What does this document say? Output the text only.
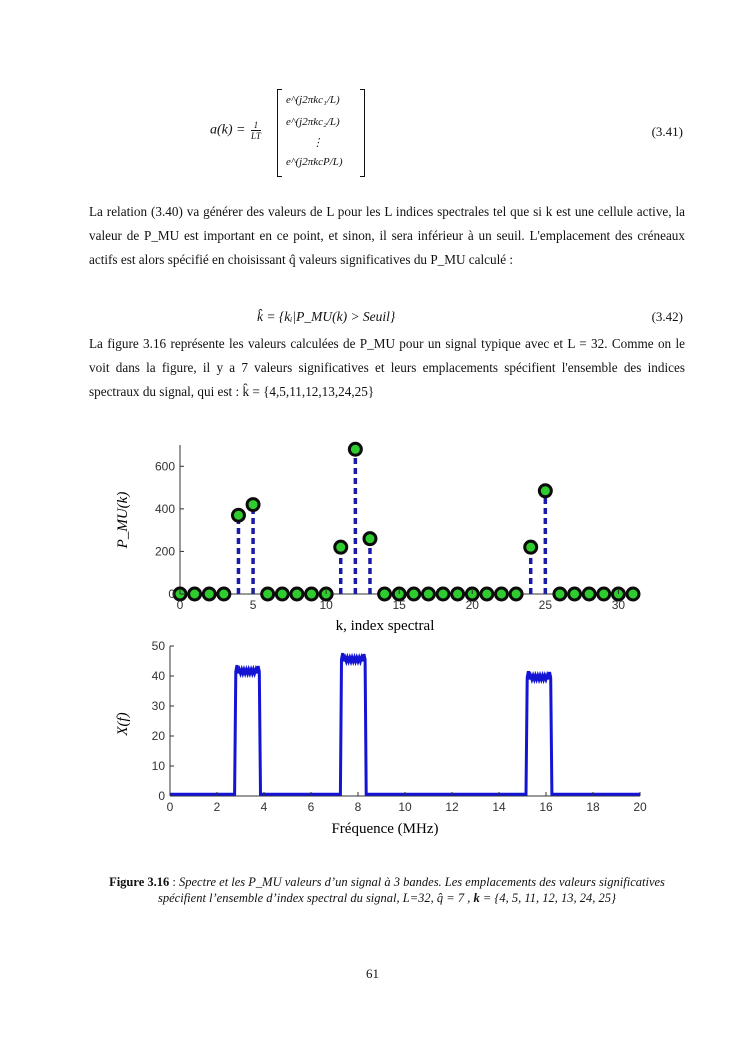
$a(k) = \frac{1}{LT}$
e^(j2πkc₁/L)
e^(j2πkc₂/L)
⋮
e^(j2πkcP/L)
(3.41)
La relation (3.40) va générer des valeurs de L pour les L indices spectrales tel que si k est une cellule active, la valeur de P_MU est important en ce point, et sinon, il sera inférieur à un seuil. L'emplacement des créneaux actifs est alors spécifié en choisissant q̂ valeurs significatives du P_MU calculé :
k̂ = {kᵢ|P_MU(k) > Seuil}	(3.42)
La figure 3.16 représente les valeurs calculées de P_MU pour un signal typique avec et L = 32. Comme on le voit dans la figure, il y a 7 valeurs significatives et leurs emplacements spécifient l'ensemble des indices spectraux du signal, qui est : k̂ = {4,5,11,12,13,24,25}
0
200
400
600
0	5	10	15	20	25	30
k, index spectral
P_MU(k)
0
10
20
30
40
50
0	2	4	6	8	10	12	14	16	18	20
Fréquence (MHz)
X(f)
Figure 3.16 : Spectre et les P_MU valeurs d’un signal à 3 bandes. Les emplacements des valeurs significatives spécifient l’ensemble d’index spectral du signal, L=32, q̂ = 7 , k = {4, 5, 11, 12, 13, 24, 25}
61
